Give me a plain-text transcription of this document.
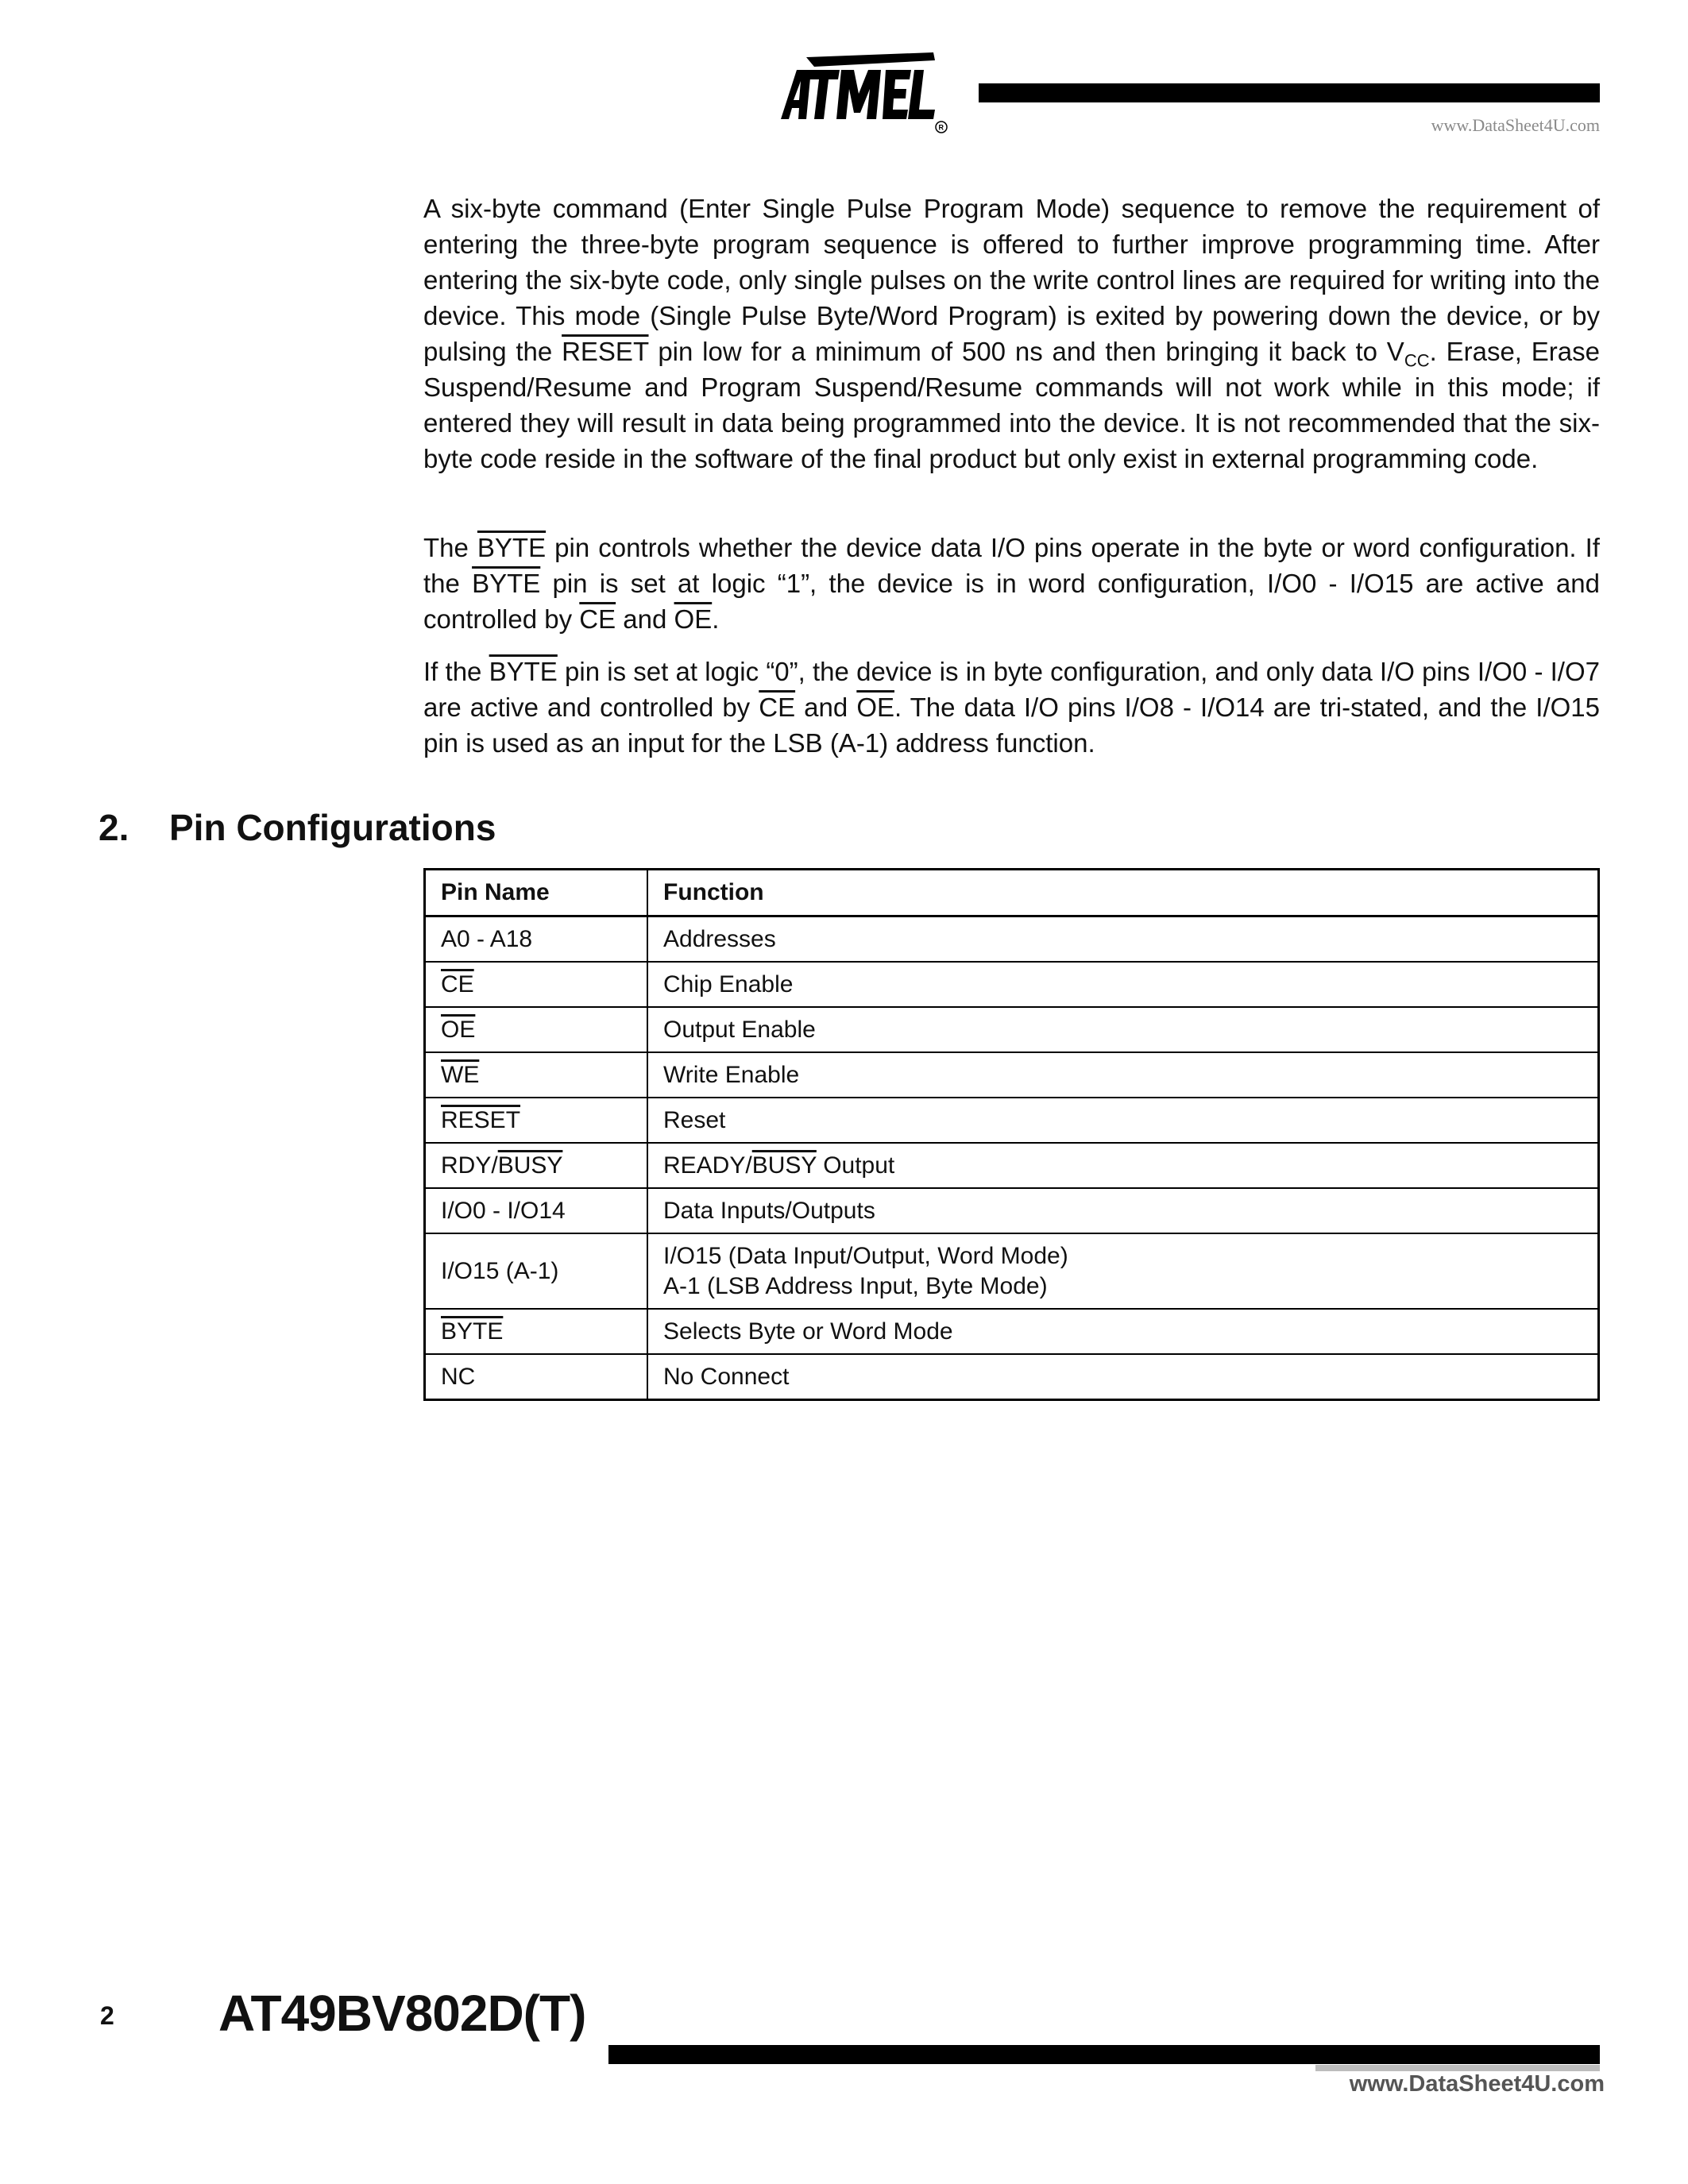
R	www.DataSheet4U.com

A six-byte command (Enter Single Pulse Program Mode) sequence to remove the requirement of entering the three-byte program sequence is offered to further improve programming time. After entering the six-byte code, only single pulses on the write control lines are required for writing into the device. This mode (Single Pulse Byte/Word Program) is exited by powering down the device, or by pulsing the RESET pin low for a minimum of 500 ns and then bringing it back to $V_{CC}$. Erase, Erase Suspend/Resume and Program Suspend/Resume commands will not work while in this mode; if entered they will result in data being programmed into the device. It is not recommended that the six-byte code reside in the software of the final product but only exist in external programming code.

The BYTE pin controls whether the device data I/O pins operate in the byte or word configuration. If the BYTE pin is set at logic “1”, the device is in word configuration, I/O0 - I/O15 are active and controlled by $\overline{CE}$ and $\overline{OE}$.

If the BYTE pin is set at logic “0”, the device is in byte configuration, and only data I/O pins I/O0 - I/O7 are active and controlled by $\overline{CE}$ and $\overline{OE}$. The data I/O pins I/O8 - I/O14 are tri-stated, and the I/O15 pin is used as an input for the LSB (A-1) address function.

2. Pin Configurations
Pin Name	Function
A0 - A18	Addresses
$\overline{CE}$	Chip Enable
$\overline{OE}$	Output Enable
$\overline{WE}$	Write Enable
RESET	Reset
RDY/BUSY	READY/BUSY Output
I/O0 - I/O14	Data Inputs/Outputs
I/O15 (A-1)	I/O15 (Data Input/Output, Word Mode)
A-1 (LSB Address Input, Byte Mode)

BYTE	Selects Byte or Word Mode
NC	No Connect
2 AT49BV802D(T)
www.DataSheet4U.com
